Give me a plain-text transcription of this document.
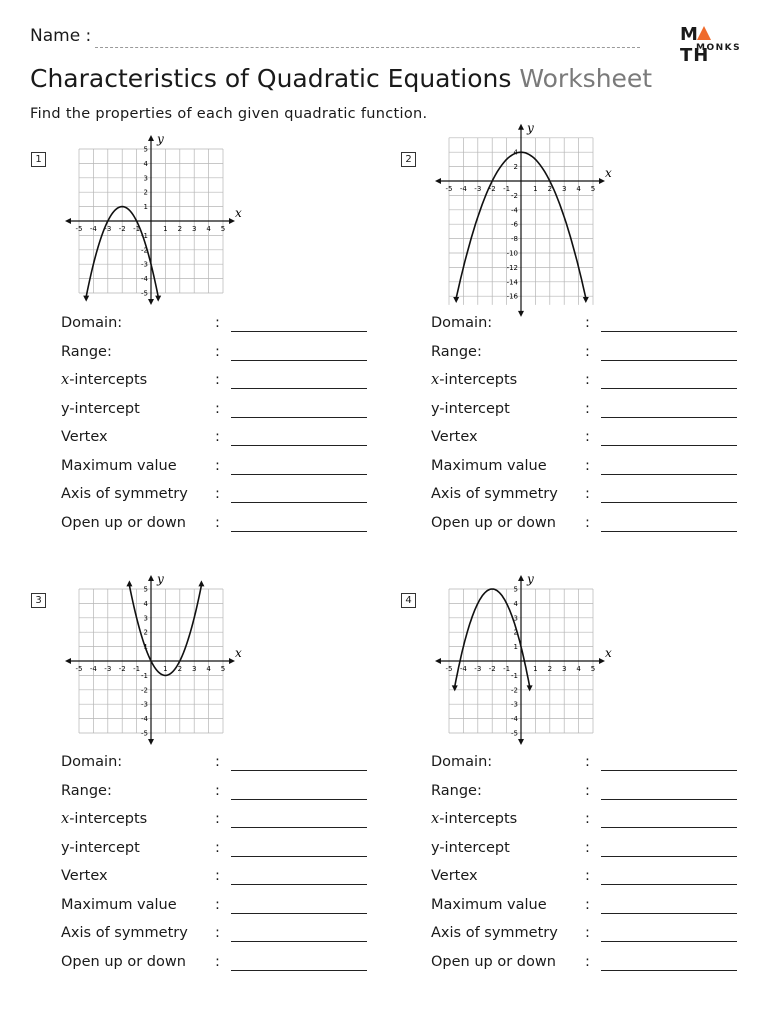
Name :	MTH
MONKS
Characteristics of Quadratic Equations Worksheet
Find the properties of each given quadratic function.
1
x
y
-5 -4 -3 -2 -1	1 2 3 4 5
5
4
3
2
1
-1
-2
-3
-4
-5
Domain:	:
Range:	:
x-intercepts	:
y-intercept	:
Vertex	:
Maximum value	:
Axis of symmetry :
Open up or down :
2
x
y
-5 -4 -3 -2 -1	1 2 3 4 5
4
2
-2
-4
-6
-8
-10
-12
-14
-16
Domain:	:
Range:	:
x-intercepts	:
y-intercept	:
Vertex	:
Maximum value	:
Axis of symmetry :
Open up or down :
3
x
y
-5 -4 -3 -2 -1	1 2 3 4 5
5
4
3
2
1
-1
-2
-3
-4
-5
Domain:	:
Range:	:
x-intercepts	:
y-intercept	:
Vertex	:
Maximum value	:
Axis of symmetry :
Open up or down :
4
x
y
-5 -4 -3 -2 -1	1 2 3 4 5
5
4
3
2
1
-1
-2
-3
-4
-5
Domain:	:
Range:	:
x-intercepts	:
y-intercept	:
Vertex	:
Maximum value	:
Axis of symmetry :
Open up or down :
